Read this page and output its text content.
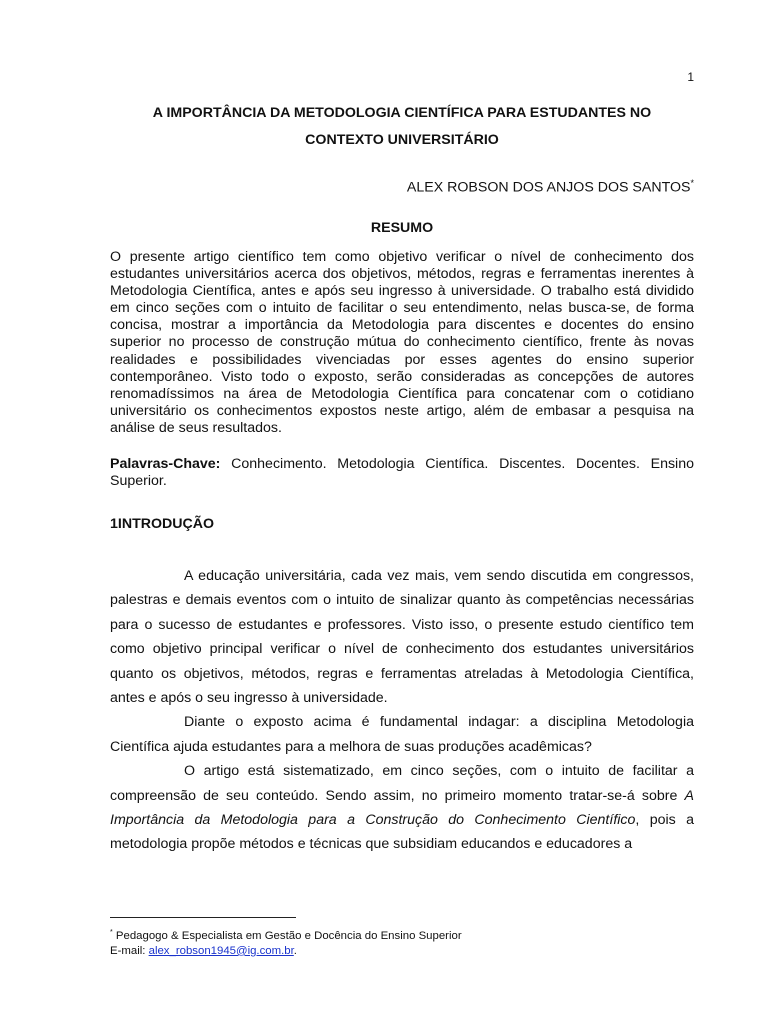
1
A IMPORTÂNCIA DA METODOLOGIA CIENTÍFICA PARA ESTUDANTES NO
CONTEXTO UNIVERSITÁRIO
ALEX ROBSON DOS ANJOS DOS SANTOS*
RESUMO

O presente artigo científico tem como objetivo verificar o nível de conhecimento dos estudantes universitários acerca dos objetivos, métodos, regras e ferramentas inerentes à Metodologia Científica, antes e após seu ingresso à universidade. O trabalho está dividido em cinco seções com o intuito de facilitar o seu entendimento, nelas busca-se, de forma concisa, mostrar a importância da Metodologia para discentes e docentes do ensino superior no processo de construção mútua do conhecimento científico, frente às novas realidades e possibilidades vivenciadas por esses agentes do ensino superior contemporâneo. Visto todo o exposto, serão consideradas as concepções de autores renomadíssimos na área de Metodologia Científica para concatenar com o cotidiano universitário os conhecimentos expostos neste artigo, além de embasar a pesquisa na análise de seus resultados.

Palavras-Chave: Conhecimento. Metodologia Científica. Discentes. Docentes. Ensino Superior.

1INTRODUÇÃO

A educação universitária, cada vez mais, vem sendo discutida em congressos, palestras e demais eventos com o intuito de sinalizar quanto às competências necessárias para o sucesso de estudantes e professores. Visto isso, o presente estudo científico tem como objetivo principal verificar o nível de conhecimento dos estudantes universitários quanto os objetivos, métodos, regras e ferramentas atreladas à Metodologia Científica, antes e após o seu ingresso à universidade.

Diante o exposto acima é fundamental indagar: a disciplina Metodologia Científica ajuda estudantes para a melhora de suas produções acadêmicas?

O artigo está sistematizado, em cinco seções, com o intuito de facilitar a compreensão de seu conteúdo. Sendo assim, no primeiro momento tratar-se-á sobre A Importância da Metodologia para a Construção do Conhecimento Científico, pois a metodologia propõe métodos e técnicas que subsidiam educandos e educadores a

* Pedagogo & Especialista em Gestão e Docência do Ensino Superior
E-mail: alex_robson1945@ig.com.br.
